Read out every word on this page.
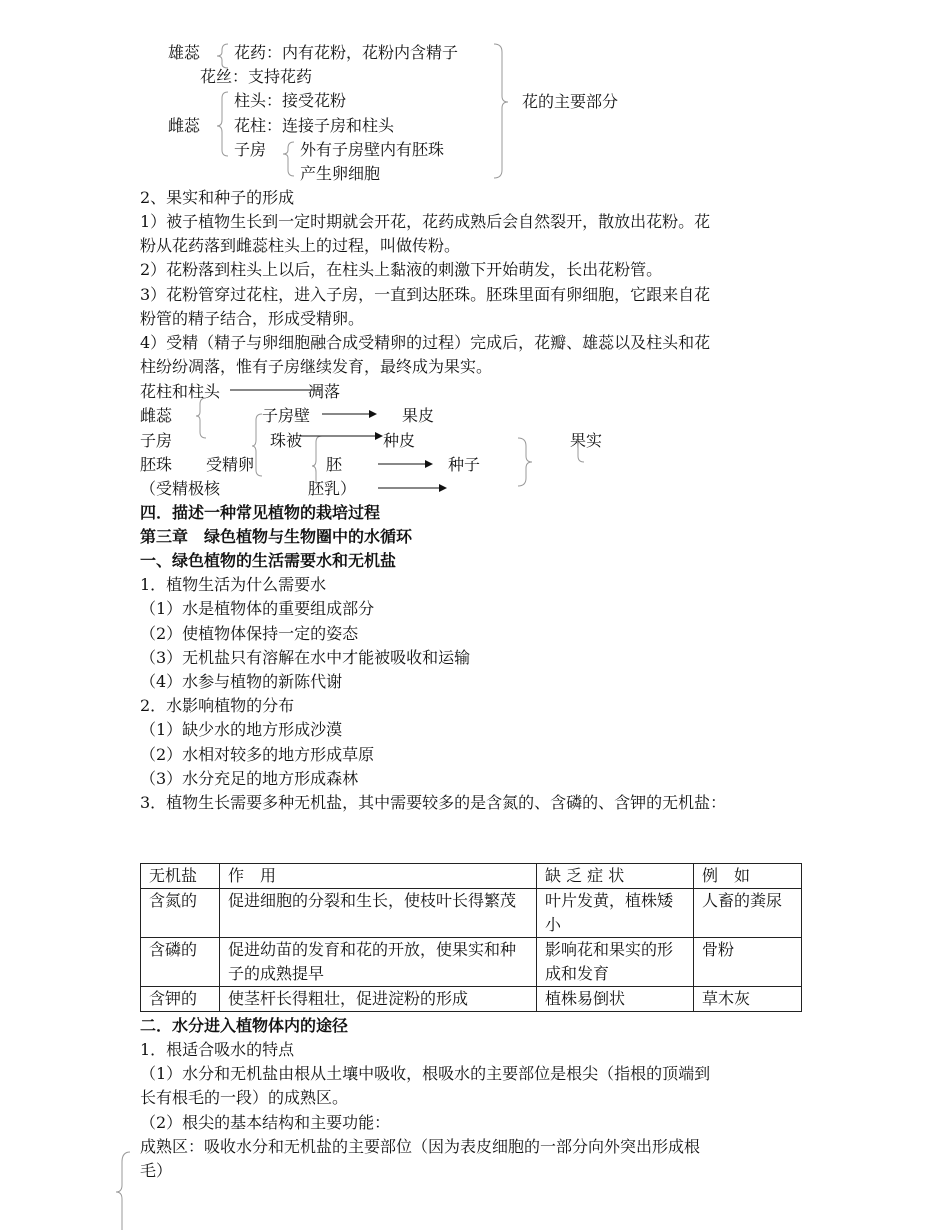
雄蕊 花药：内有花粉，花粉内含精子
花丝：支持花药
雌蕊
柱头：接受花粉
花柱：连接子房和柱头
子房 外有子房壁内有胚珠
产生卵细胞
花的主要部分
2、果实和种子的形成
1）被子植物生长到一定时期就会开花，花药成熟后会自然裂开，散放出花粉。花
粉从花药落到雌蕊柱头上的过程，叫做传粉。
2）花粉落到柱头上以后，在柱头上黏液的刺激下开始萌发，长出花粉管。
3）花粉管穿过花柱，进入子房，一直到达胚珠。胚珠里面有卵细胞，它跟来自花
粉管的精子结合，形成受精卵。
4）受精（精子与卵细胞融合成受精卵的过程）完成后，花瓣、雄蕊以及柱头和花
柱纷纷凋落，惟有子房继续发育，最终成为果实。
花柱和柱头	凋落
雌蕊	子房壁	果皮
子房	珠被	种皮	果实
胚珠 受精卵	胚	种子
（受精极核	胚乳）
四．描述一种常见植物的栽培过程
第三章　绿色植物与生物圈中的水循环
一、绿色植物的生活需要水和无机盐
1．植物生活为什么需要水
（1）水是植物体的重要组成部分
（2）使植物体保持一定的姿态
（3）无机盐只有溶解在水中才能被吸收和运输
（4）水参与植物的新陈代谢
2．水影响植物的分布
（1）缺少水的地方形成沙漠
（2）水相对较多的地方形成草原
（3）水分充足的地方形成森林
3．植物生长需要多种无机盐，其中需要较多的是含氮的、含磷的、含钾的无机盐：
无机盐	作　用	缺 乏 症 状	例　如
含氮的	促进细胞的分裂和生长，使枝叶长得繁茂	叶片发黄，植株矮小	人畜的粪尿
含磷的	促进幼苗的发育和花的开放，使果实和种子的成熟提早	影响花和果实的形成和发育	骨粉
含钾的	使茎杆长得粗壮，促进淀粉的形成	植株易倒状	草木灰
二．水分进入植物体内的途径
1．根适合吸水的特点
（1）水分和无机盐由根从土壤中吸收，根吸水的主要部位是根尖（指根的顶端到
长有根毛的一段）的成熟区。
（2）根尖的基本结构和主要功能：
成熟区：吸收水分和无机盐的主要部位（因为表皮细胞的一部分向外突出形成根
毛）
